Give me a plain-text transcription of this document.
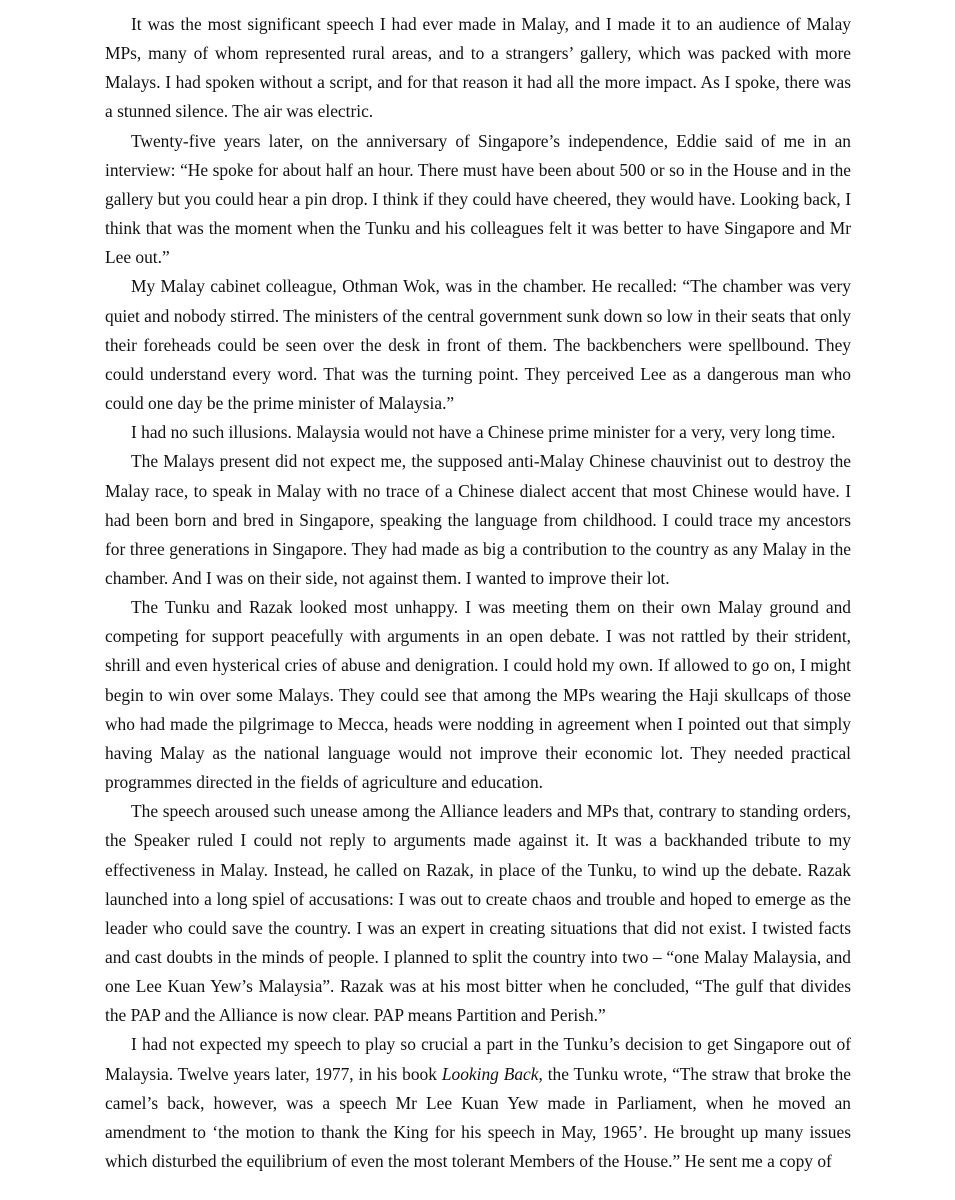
It was the most significant speech I had ever made in Malay, and I made it to an audience of Malay MPs, many of whom represented rural areas, and to a strangers’ gallery, which was packed with more Malays. I had spoken without a script, and for that reason it had all the more impact. As I spoke, there was a stunned silence. The air was electric.

Twenty-five years later, on the anniversary of Singapore’s independence, Eddie said of me in an interview: “He spoke for about half an hour. There must have been about 500 or so in the House and in the gallery but you could hear a pin drop. I think if they could have cheered, they would have. Looking back, I think that was the moment when the Tunku and his colleagues felt it was better to have Singapore and Mr Lee out.”

My Malay cabinet colleague, Othman Wok, was in the chamber. He recalled: “The chamber was very quiet and nobody stirred. The ministers of the central government sunk down so low in their seats that only their foreheads could be seen over the desk in front of them. The backbenchers were spellbound. They could understand every word. That was the turning point. They perceived Lee as a dangerous man who could one day be the prime minister of Malaysia.”

I had no such illusions. Malaysia would not have a Chinese prime minister for a very, very long time.

The Malays present did not expect me, the supposed anti-Malay Chinese chauvinist out to destroy the Malay race, to speak in Malay with no trace of a Chinese dialect accent that most Chinese would have. I had been born and bred in Singapore, speaking the language from childhood. I could trace my ancestors for three generations in Singapore. They had made as big a contribution to the country as any Malay in the chamber. And I was on their side, not against them. I wanted to improve their lot.

The Tunku and Razak looked most unhappy. I was meeting them on their own Malay ground and competing for support peacefully with arguments in an open debate. I was not rattled by their strident, shrill and even hysterical cries of abuse and denigration. I could hold my own. If allowed to go on, I might begin to win over some Malays. They could see that among the MPs wearing the Haji skullcaps of those who had made the pilgrimage to Mecca, heads were nodding in agreement when I pointed out that simply having Malay as the national language would not improve their economic lot. They needed practical programmes directed in the fields of agriculture and education.

The speech aroused such unease among the Alliance leaders and MPs that, contrary to standing orders, the Speaker ruled I could not reply to arguments made against it. It was a backhanded tribute to my effectiveness in Malay. Instead, he called on Razak, in place of the Tunku, to wind up the debate. Razak launched into a long spiel of accusations: I was out to create chaos and trouble and hoped to emerge as the leader who could save the country. I was an expert in creating situations that did not exist. I twisted facts and cast doubts in the minds of people. I planned to split the country into two – “one Malay Malaysia, and one Lee Kuan Yew’s Malaysia”. Razak was at his most bitter when he concluded, “The gulf that divides the PAP and the Alliance is now clear. PAP means Partition and Perish.”

I had not expected my speech to play so crucial a part in the Tunku’s decision to get Singapore out of Malaysia. Twelve years later, 1977, in his book Looking Back, the Tunku wrote, “The straw that broke the camel’s back, however, was a speech Mr Lee Kuan Yew made in Parliament, when he moved an amendment to ‘the motion to thank the King for his speech in May, 1965’. He brought up many issues which disturbed the equilibrium of even the most tolerant Members of the House.” He sent me a copy of
